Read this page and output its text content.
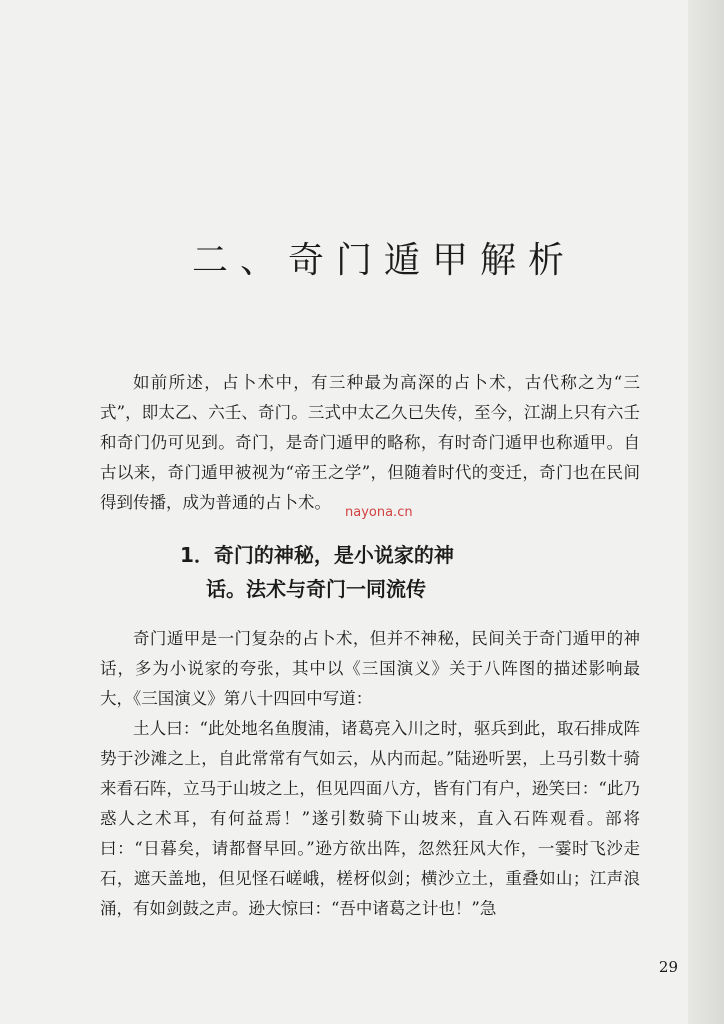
二、奇门遁甲解析

如前所述，占卜术中，有三种最为高深的占卜术，古代称之为“三式”，即太乙、六壬、奇门。三式中太乙久已失传，至今，江湖上只有六壬和奇门仍可见到。奇门，是奇门遁甲的略称，有时奇门遁甲也称遁甲。自古以来，奇门遁甲被视为“帝王之学”，但随着时代的变迁，奇门也在民间得到传播，成为普通的占卜术。

1．奇门的神秘，是小说家的神
话。法术与奇门一同流传

奇门遁甲是一门复杂的占卜术，但并不神秘，民间关于奇门遁甲的神话，多为小说家的夸张，其中以《三国演义》关于八阵图的描述影响最大，《三国演义》第八十四回中写道：

土人曰：“此处地名鱼腹浦，诸葛亮入川之时，驱兵到此，取石排成阵势于沙滩之上，自此常常有气如云，从内而起。”陆逊听罢，上马引数十骑来看石阵，立马于山坡之上，但见四面八方，皆有门有户，逊笑曰：“此乃惑人之术耳，有何益焉！”遂引数骑下山坡来，直入石阵观看。部将曰：“日暮矣，请都督早回。”逊方欲出阵，忽然狂风大作，一霎时飞沙走石，遮天盖地，但见怪石嵯峨，槎枒似剑；横沙立土，重叠如山；江声浪涌，有如剑鼓之声。逊大惊曰：“吾中诸葛之计也！”急

nayona.cn
29
